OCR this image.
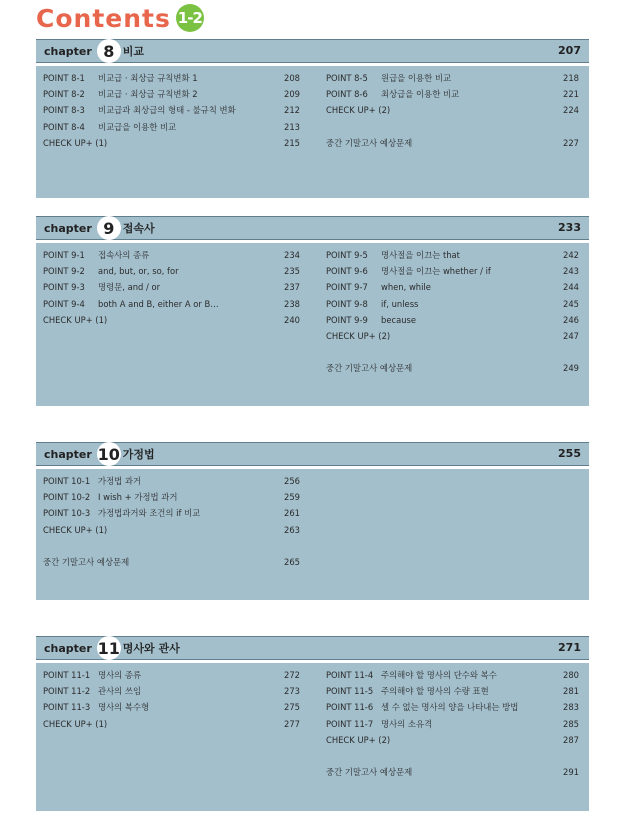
Contents 1-2
chapter 8 비교	207
POINT 8-1 비교급 · 최상급 규칙변화 1	208
POINT 8-2 비교급 · 최상급 규칙변화 2	209
POINT 8-3 비교급과 최상급의 형태 - 불규칙 변화	212
POINT 8-4 비교급을 이용한 비교	213
CHECK UP+ (1)	215
POINT 8-5 원급을 이용한 비교	218
POINT 8-6 최상급을 이용한 비교	221
CHECK UP+ (2)	224
중간 기말고사 예상문제	227
chapter 9 접속사	233
POINT 9-1 접속사의 종류	234
POINT 9-2 and, but, or, so, for	235
POINT 9-3 명령문, and / or	237
POINT 9-4 both A and B, either A or B…	238
CHECK UP+ (1)	240
POINT 9-5 명사절을 이끄는 that	242
POINT 9-6 명사절을 이끄는 whether / if	243
POINT 9-7 when, while	244
POINT 9-8 if, unless	245
POINT 9-9 because	246
CHECK UP+ (2)	247
중간 기말고사 예상문제	249
chapter 10 가정법	255
POINT 10-1 가정법 과거	256
POINT 10-2 I wish + 가정법 과거	259
POINT 10-3 가정법과거와 조건의 if 비교	261
CHECK UP+ (1)	263
중간 기말고사 예상문제	265
chapter 11 명사와 관사	271
POINT 11-1 명사의 종류	272
POINT 11-2 관사의 쓰임	273
POINT 11-3 명사의 복수형	275
CHECK UP+ (1)	277
POINT 11-4 주의해야 할 명사의 단수와 복수	280
POINT 11-5 주의해야 할 명사의 수량 표현	281
POINT 11-6 셀 수 없는 명사의 양을 나타내는 방법	283
POINT 11-7 명사의 소유격	285
CHECK UP+ (2)	287
중간 기말고사 예상문제	291
